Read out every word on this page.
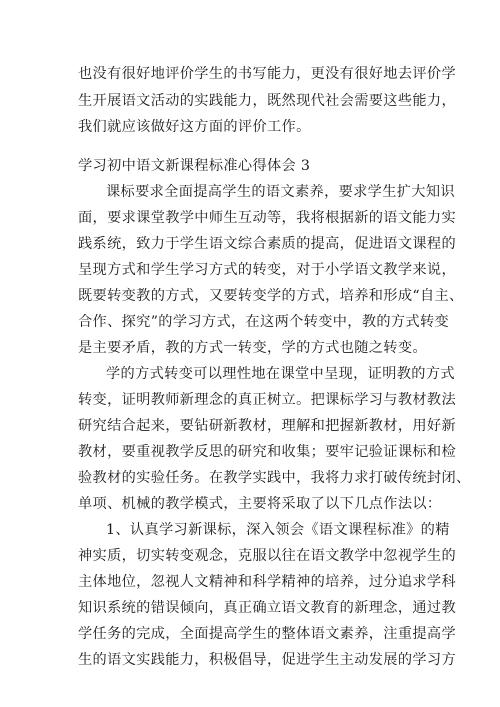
也没有很好地评价学生的书写能力，更没有很好地去评价学
生开展语文活动的实践能力，既然现代社会需要这些能力，
我们就应该做好这方面的评价工作。
学习初中语文新课程标准心得体会 3
课标要求全面提高学生的语文素养，要求学生扩大知识
面，要求课堂教学中师生互动等，我将根据新的语文能力实
践系统，致力于学生语文综合素质的提高，促进语文课程的
呈现方式和学生学习方式的转变，对于小学语文教学来说，
既要转变教的方式，又要转变学的方式，培养和形成“自主、
合作、探究”的学习方式，在这两个转变中，教的方式转变
是主要矛盾，教的方式一转变，学的方式也随之转变。
学的方式转变可以理性地在课堂中呈现，证明教的方式
转变，证明教师新理念的真正树立。把课标学习与教材教法
研究结合起来，要钻研新教材，理解和把握新教材，用好新
教材，要重视教学反思的研究和收集；要牢记验证课标和检
验教材的实验任务。在教学实践中，我将力求打破传统封闭、
单项、机械的教学模式，主要将采取了以下几点作法以：
1、认真学习新课标，深入领会《语文课程标准》的精
神实质，切实转变观念，克服以往在语文教学中忽视学生的
主体地位，忽视人文精神和科学精神的培养，过分追求学科
知识系统的错误倾向，真正确立语文教育的新理念，通过教
学任务的完成，全面提高学生的整体语文素养，注重提高学
生的语文实践能力，积极倡导，促进学生主动发展的学习方
